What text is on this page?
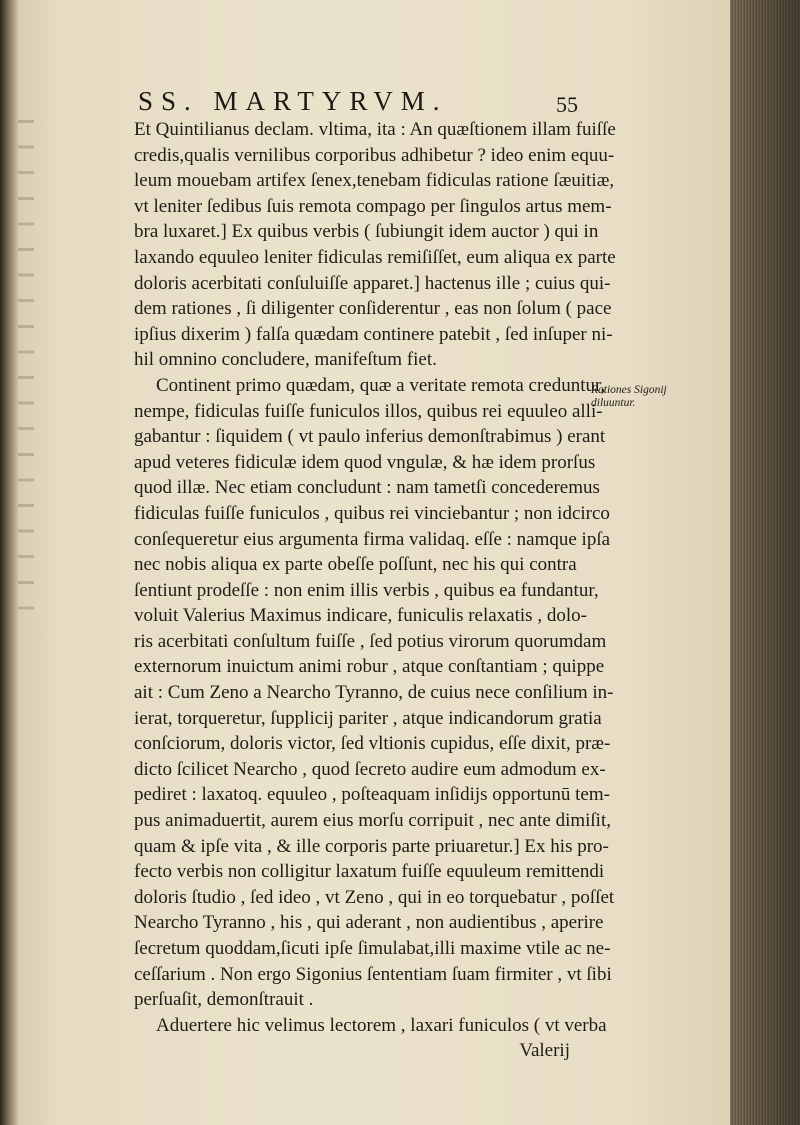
SS. MARTYRVM.	55
Et Quintilianus declam. vltima, ita : An quæſtionem illam fuiſſe
credis,qualis vernilibus corporibus adhibetur ? ideo enim equu-
leum mouebam artifex ſenex,tenebam fidiculas ratione ſæuitiæ,
vt leniter ſedibus ſuis remota compago per ſingulos artus mem-
bra luxaret.] Ex quibus verbis ( ſubiungit idem auctor ) qui in
laxando equuleo leniter fidiculas remiſiſſet, eum aliqua ex parte
doloris acerbitati conſuluiſſe apparet.] hactenus ille ; cuius qui-
dem rationes , ſi diligenter conſiderentur , eas non ſolum ( pace
ipſius dixerim ) falſa quædam continere patebit , ſed inſuper ni-
hil omnino concludere, manifeſtum fiet.
Continent primo quædam, quæ a veritate remota creduntur,
nempe, fidiculas fuiſſe funiculos illos, quibus rei equuleo alli-
gabantur : ſiquidem ( vt paulo inferius demonſtrabimus ) erant
apud veteres fidiculæ idem quod vngulæ, & hæ idem prorſus
quod illæ. Nec etiam concludunt : nam tametſi concederemus
fidiculas fuiſſe funiculos , quibus rei vinciebantur ; non idcirco
conſequeretur eius argumenta firma validaq. eſſe : namque ipſa
nec nobis aliqua ex parte obeſſe poſſunt, nec his qui contra
ſentiunt prodeſſe : non enim illis verbis , quibus ea fundantur,
voluit Valerius Maximus indicare, funiculis relaxatis , dolo-
ris acerbitati conſultum fuiſſe , ſed potius virorum quorumdam
externorum inuictum animi robur , atque conſtantiam ; quippe
ait : Cum Zeno a Nearcho Tyranno, de cuius nece conſilium in-
ierat, torqueretur, ſupplicij pariter , atque indicandorum gratia
conſciorum, doloris victor, ſed vltionis cupidus, eſſe dixit, præ-
dicto ſcilicet Nearcho , quod ſecreto audire eum admodum ex-
pediret : laxatoq. equuleo , poſteaquam inſidijs opportunū tem-
pus animaduertit, aurem eius morſu corripuit , nec ante dimiſit,
quam & ipſe vita , & ille corporis parte priuaretur.] Ex his pro-
fecto verbis non colligitur laxatum fuiſſe equuleum remittendi
doloris ſtudio , ſed ideo , vt Zeno , qui in eo torquebatur , poſſet
Nearcho Tyranno , his , qui aderant , non audientibus , aperire
ſecretum quoddam,ſicuti ipſe ſimulabat,illi maxime vtile ac ne-
ceſſarium . Non ergo Sigonius ſententiam ſuam firmiter , vt ſibi
perſuaſit, demonſtrauit .
Aduertere hic velimus lectorem , laxari funiculos ( vt verba
Valerij
Rationes Sigonij diluuntur.
